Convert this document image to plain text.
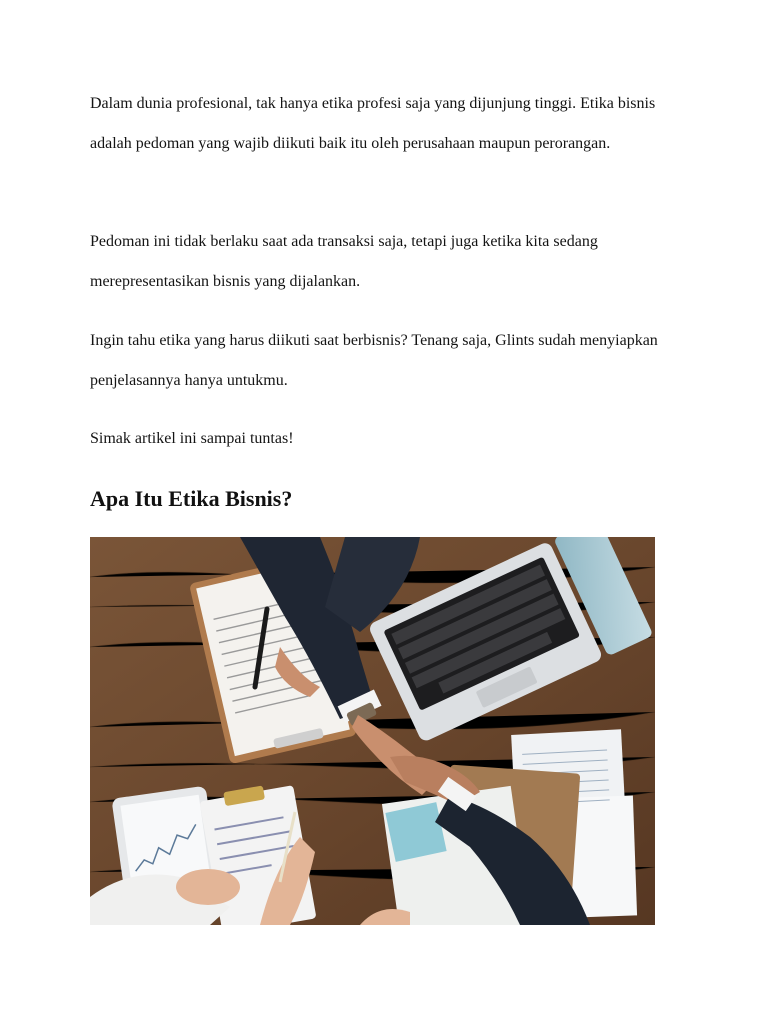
Dalam dunia profesional, tak hanya etika profesi saja yang dijunjung tinggi. Etika bisnis adalah pedoman yang wajib diikuti baik itu oleh perusahaan maupun perorangan.

Pedoman ini tidak berlaku saat ada transaksi saja, tetapi juga ketika kita sedang merepresentasikan bisnis yang dijalankan.

Ingin tahu etika yang harus diikuti saat berbisnis? Tenang saja, Glints sudah menyiapkan penjelasannya hanya untukmu.

Simak artikel ini sampai tuntas!

Apa Itu Etika Bisnis?
